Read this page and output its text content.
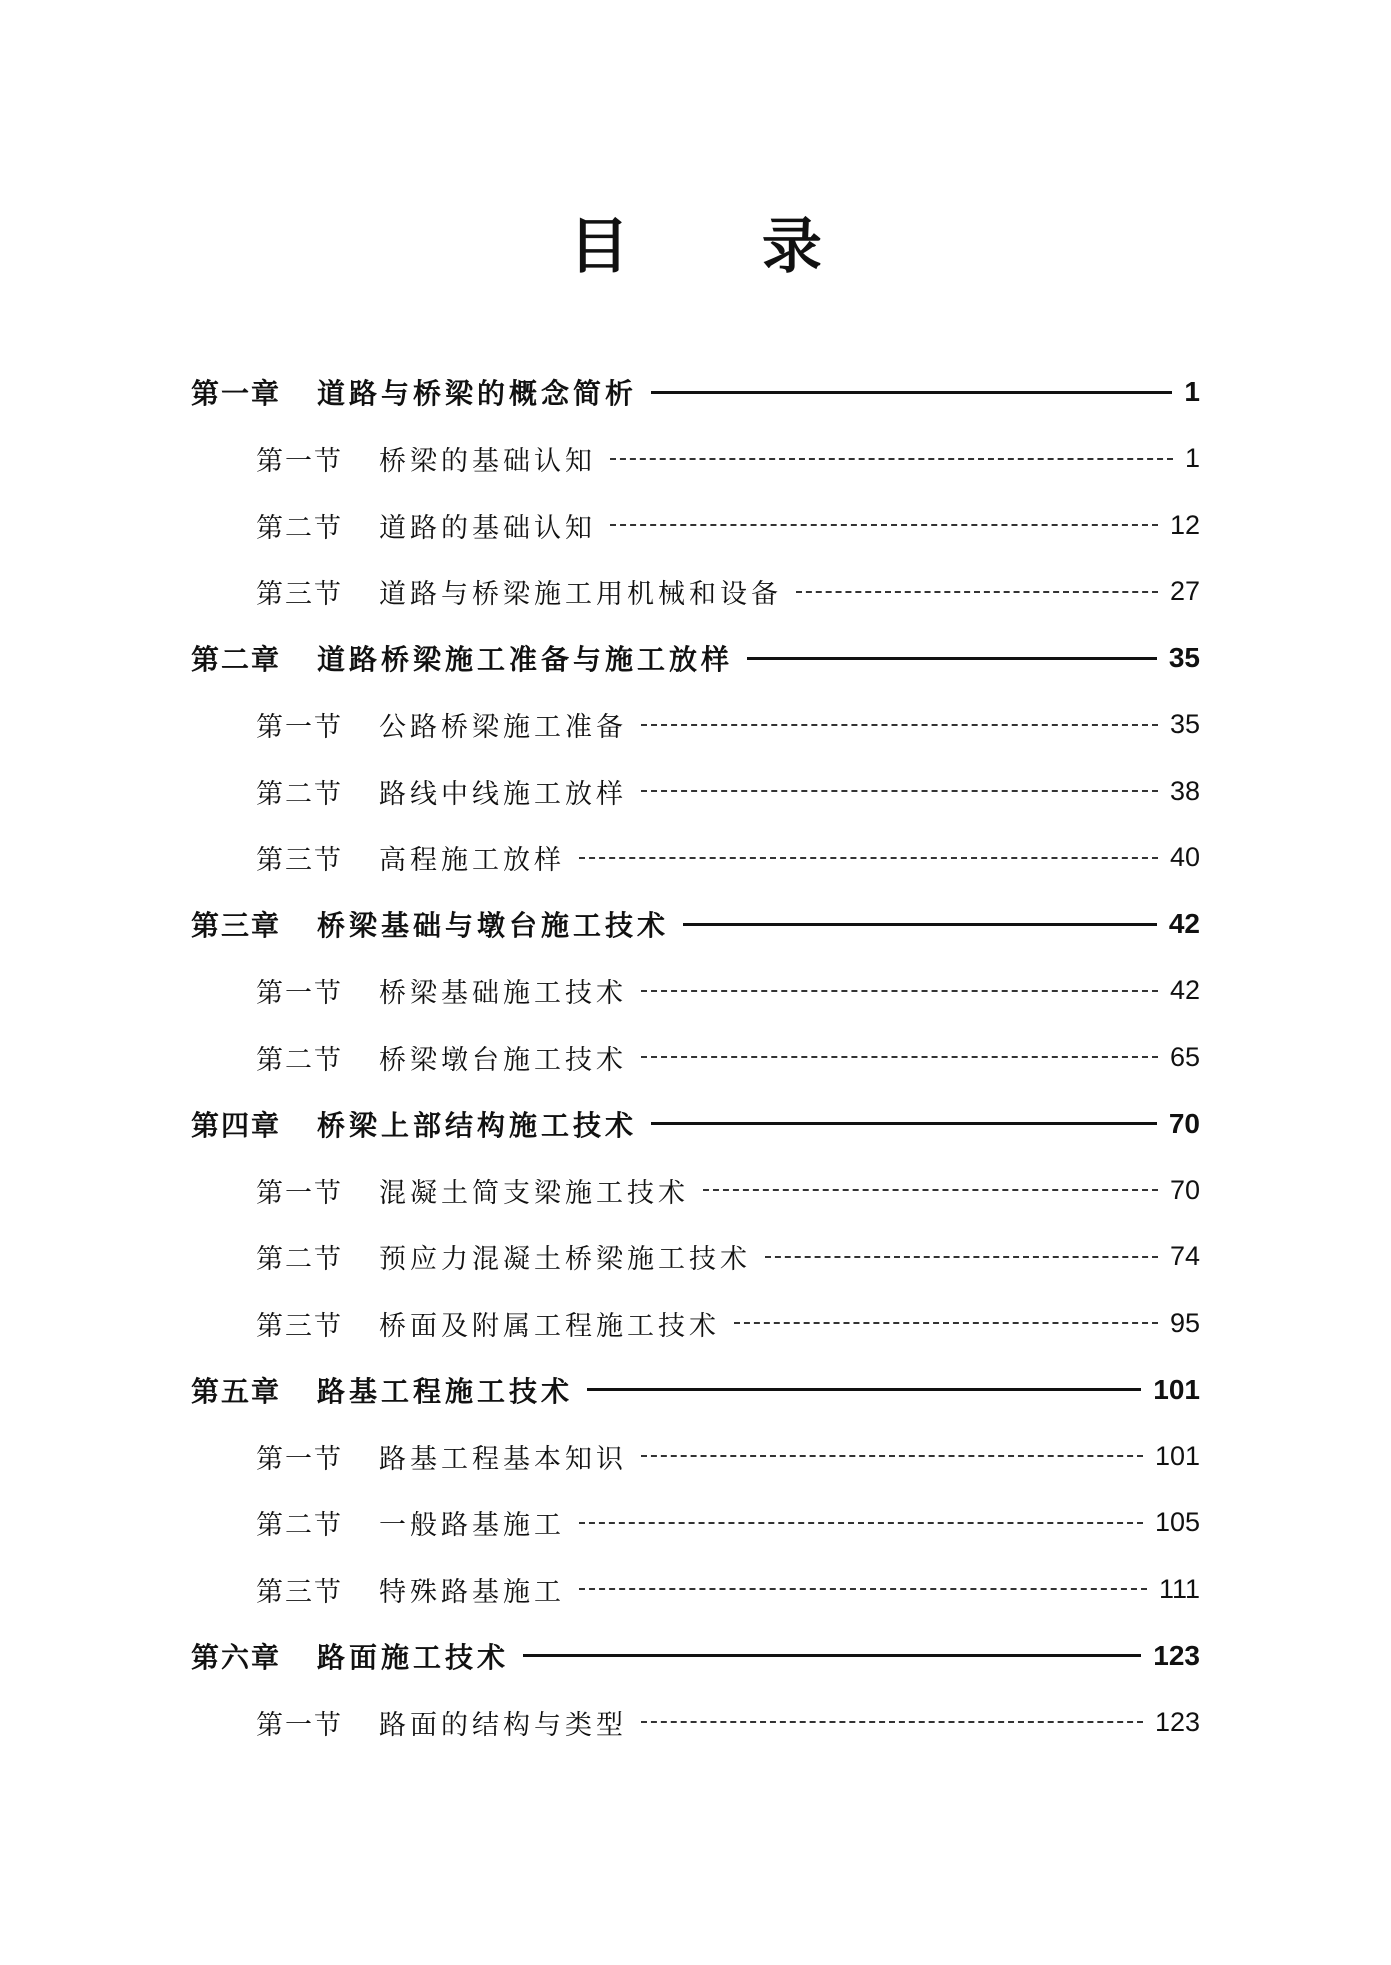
目 录
第一章 道路与桥梁的概念简析	1
第一节 桥梁的基础认知	1
第二节 道路的基础认知	12
第三节 道路与桥梁施工用机械和设备	27
第二章 道路桥梁施工准备与施工放样	35
第一节 公路桥梁施工准备	35
第二节 路线中线施工放样	38
第三节 高程施工放样	40
第三章 桥梁基础与墩台施工技术	42
第一节 桥梁基础施工技术	42
第二节 桥梁墩台施工技术	65
第四章 桥梁上部结构施工技术	70
第一节 混凝土简支梁施工技术	70
第二节 预应力混凝土桥梁施工技术	74
第三节 桥面及附属工程施工技术	95
第五章 路基工程施工技术	101
第一节 路基工程基本知识	101
第二节 一般路基施工	105
第三节 特殊路基施工	111
第六章 路面施工技术	123
第一节 路面的结构与类型	123
